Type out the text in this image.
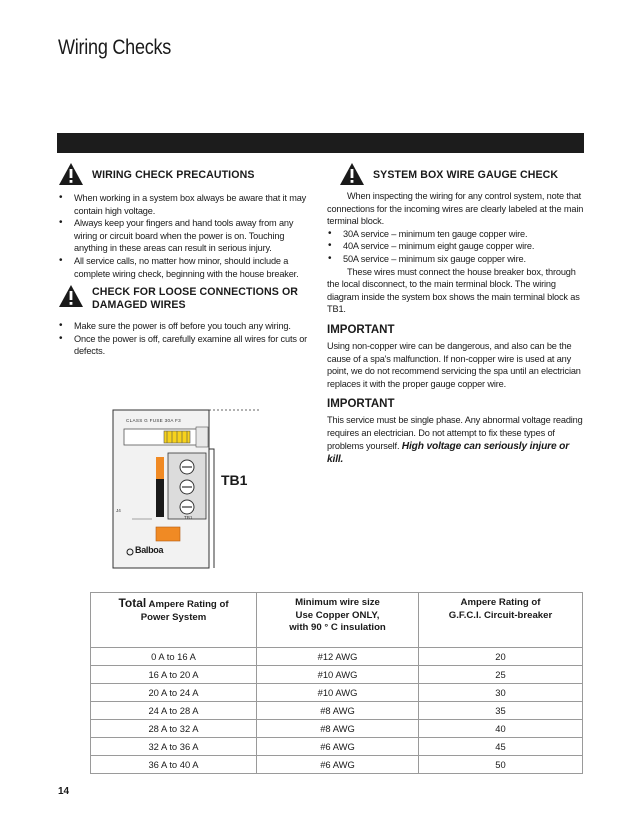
Wiring Checks
WIRING CHECK PRECAUTIONS
• When working in a system box always be aware that it may contain high voltage.
• Always keep your fingers and hand tools away from any wiring or circuit board when the power is on. Touching anything in these areas can result in serious injury.
• All service calls, no matter how minor, should include a complete wiring check, beginning with the house breaker.
CHECK FOR LOOSE CONNECTIONS OR
DAMAGED WIRES
• Make sure the power is off before you touch any wiring.
• Once the power is off, carefully examine all wires for cuts or defects.
CLASS G FUSE 30A F3
J4
TB1
Balboa
TB1
SYSTEM BOX WIRE GAUGE CHECK

When inspecting the wiring for any control system, note that connections for the incoming wires are clearly labeled at the main terminal block.

• 30A service – minimum ten gauge copper wire.
• 40A service – minimum eight gauge copper wire.
• 50A service – minimum six gauge copper wire.

These wires must connect the house breaker box, through the local disconnect, to the main terminal block. The wiring diagram inside the system box shows the main terminal block as TB1.

IMPORTANT

Using non-copper wire can be dangerous, and also can be the cause of a spa's malfunction. If non-copper wire is used at any point, we do not recommend servicing the spa until an electrician replaces it with the proper gauge copper wire.

IMPORTANT

This service must be single phase. Any abnormal voltage reading requires an electrician. Do not attempt to fix these types of problems yourself. High voltage can seriously injure or kill.

Total Ampere Rating of
Power System	Minimum wire size
Use Copper ONLY,
with 90 ° C insulation	Ampere Rating of
G.F.C.I. Circuit-breaker
0 A to 16 A	#12 AWG	20
16 A to 20 A	#10 AWG	25
20 A to 24 A	#10 AWG	30
24 A to 28 A	#8 AWG	35
28 A to 32 A	#8 AWG	40
32 A to 36 A	#6 AWG	45
36 A to 40 A	#6 AWG	50
14
